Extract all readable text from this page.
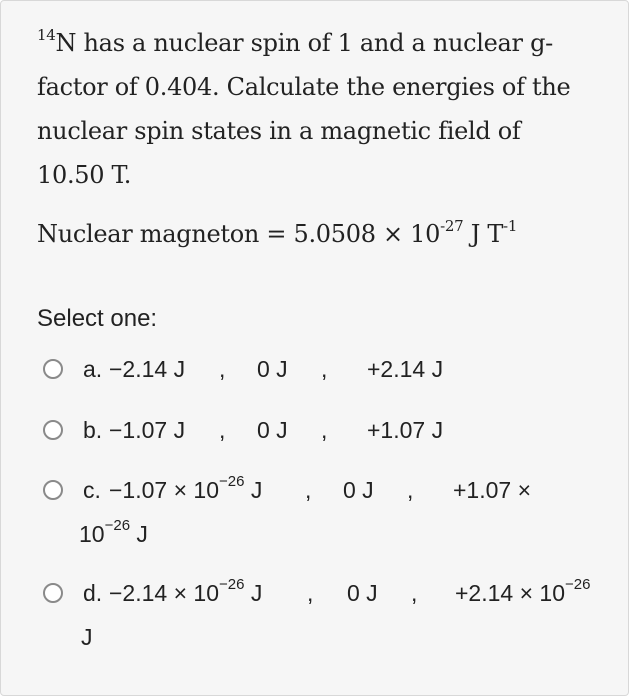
$^{14}$N has a nuclear spin of 1 and a nuclear g-
factor of 0.404. Calculate the energies of the
nuclear spin states in a magnetic field of
10.50 T.
Nuclear magneton = $5.0508 \times 10^{-27}$ J $T^{-1}$
Select one:
a. −2.14 J , 0 J , +2.14 J
b. −1.07 J , 0 J , +1.07 J
c. $-1.07 \times 10^{-26}$ J , 0 J , +1.07 ×
$10^{-26}$ J
d. $-2.14 \times 10^{-26}$ J , 0 J , $+2.14 \times 10^{-26}$
J
